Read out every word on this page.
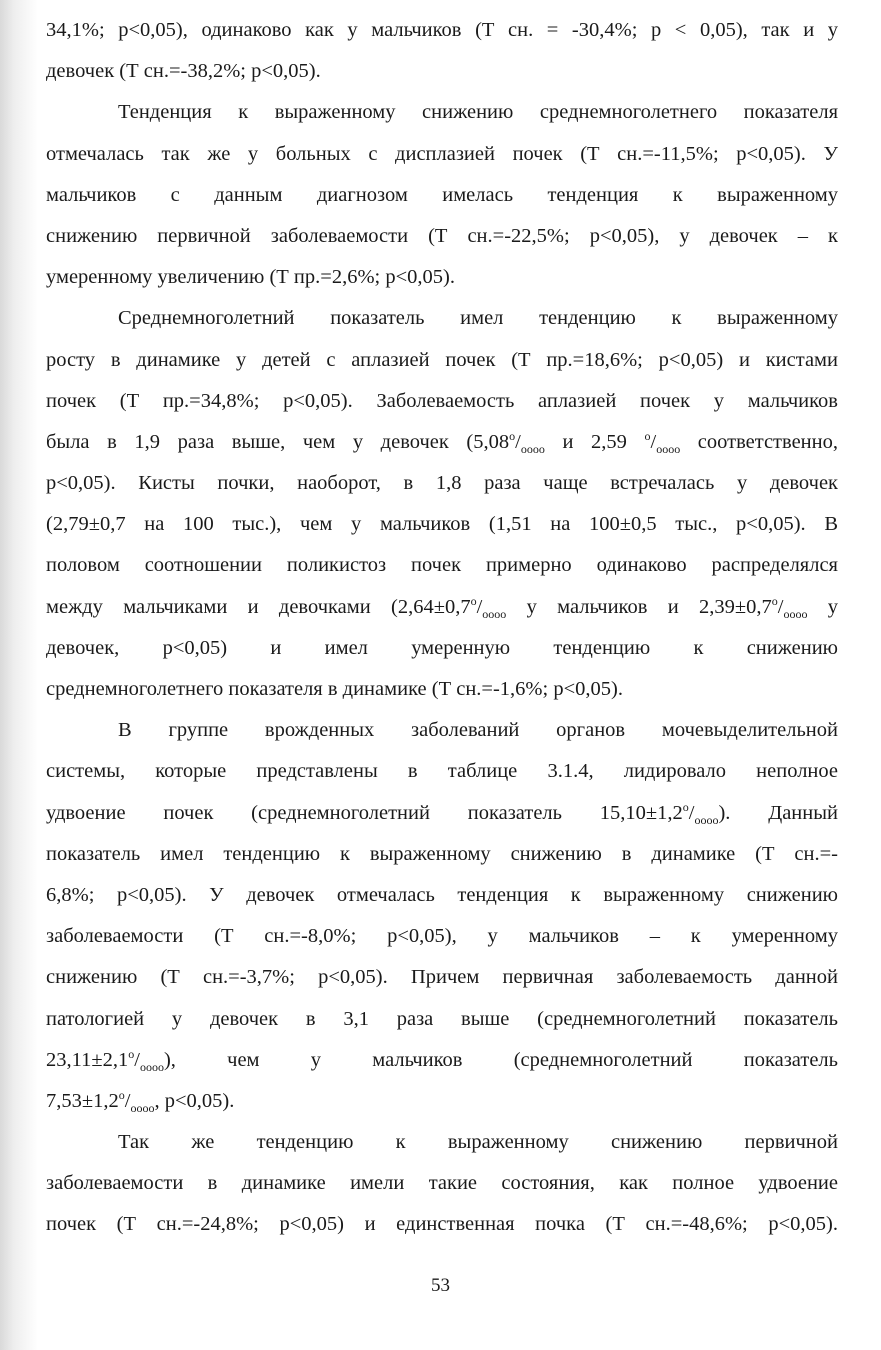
34,1%; р<0,05), одинаково как у мальчиков (Т сн. = -30,4%; р < 0,05), так и у
девочек (Т сн.=-38,2%; р<0,05).
Тенденция к выраженному снижению среднемноголетнего показателя
отмечалась так же у больных с дисплазией почек (Т сн.=-11,5%; р<0,05). У
мальчиков с данным диагнозом имелась тенденция к выраженному
снижению первичной заболеваемости (Т сн.=-22,5%; р<0,05), у девочек – к
умеренному увеличению (Т пр.=2,6%; р<0,05).
Среднемноголетний показатель имел тенденцию к выраженному
росту в динамике у детей с аплазией почек (Т пр.=18,6%; р<0,05) и кистами
почек (Т пр.=34,8%; р<0,05). Заболеваемость аплазией почек у мальчиков
была в 1,9 раза выше, чем у девочек ($5,08^о/_{оооо}$ и 2,59 $^о/_{оооо}$ соответственно,
р<0,05). Кисты почки, наоборот, в 1,8 раза чаще встречалась у девочек
(2,79±0,7 на 100 тыс.), чем у мальчиков (1,51 на 100±0,5 тыс., р<0,05). В
половом соотношении поликистоз почек примерно одинаково распределялся
между мальчиками и девочками ($2,64\pm 0,7^о/_{оооо}$ у мальчиков и $2,39\pm 0,7^о/_{оооо}$ у
девочек, р<0,05) и имел умеренную тенденцию к снижению
среднемноголетнего показателя в динамике (Т сн.=-1,6%; р<0,05).
В группе врожденных заболеваний органов мочевыделительной
системы, которые представлены в таблице 3.1.4, лидировало неполное
удвоение почек (среднемноголетний показатель $15,10\pm 1,2^о/_{оооо}$). Данный
показатель имел тенденцию к выраженному снижению в динамике (Т сн.=-
6,8%; р<0,05). У девочек отмечалась тенденция к выраженному снижению
заболеваемости (Т сн.=-8,0%; р<0,05), у мальчиков – к умеренному
снижению (Т сн.=-3,7%; р<0,05). Причем первичная заболеваемость данной
патологией у девочек в 3,1 раза выше (среднемноголетний показатель
$23,11\pm 2,1^о/_{оооо}$), чем у мальчиков (среднемноголетний показатель
$7,53\pm 1,2^о/_{оооо}$, р<0,05).
Так же тенденцию к выраженному снижению первичной
заболеваемости в динамике имели такие состояния, как полное удвоение
почек (Т сн.=-24,8%; р<0,05) и единственная почка (Т сн.=-48,6%; р<0,05).
53
